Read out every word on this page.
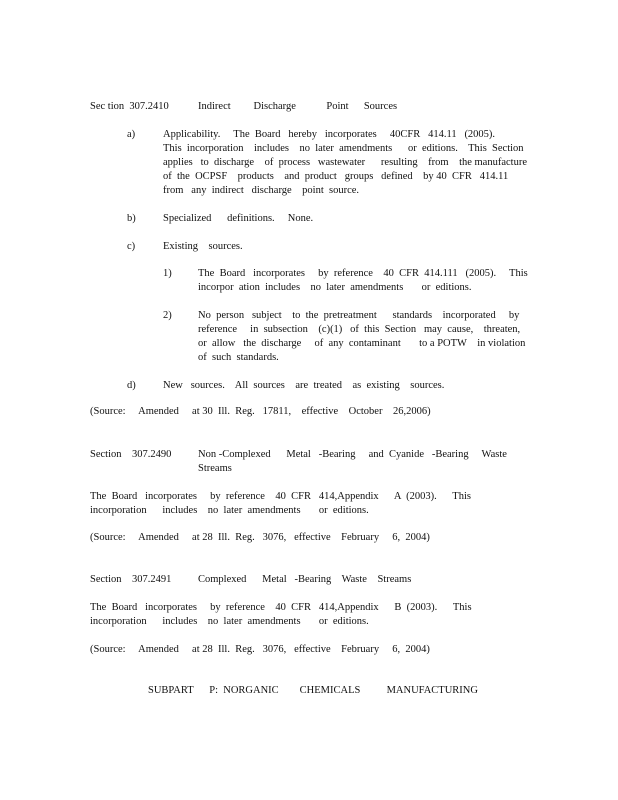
Sec tion  307.2410	Indirect   Discharge    Point  Sources
a)	Applicability.     The  Board   hereby   incorporates     40CFR   414.11   (2005).
This  incorporation    includes    no  later  amendments      or  editions.    This  Section
applies   to  discharge    of  process   wastewater      resulting    from    the manufacture
of  the  OCPSF    products    and  product   groups   defined    by 40  CFR   414.11
from   any  indirect   discharge    point  source.
b)	Specialized      definitions.     None.
c)	Existing    sources.
1)	The  Board   incorporates     by  reference    40  CFR  414.111   (2005).     This
incorpor  ation  includes    no  later  amendments       or  editions.
2)	No  person   subject    to  the  pretreatment      standards    incorporated     by
reference     in  subsection    (c)(1)   of  this  Section   may  cause,    threaten,
or  allow   the  discharge     of  any  contaminant       to a POTW    in violation
of  such  standards.
d)	New   sources.    All  sources    are  treated    as  existing    sources.
(Source:     Amended     at 30  Ill.  Reg.   17811,    effective    October    26,2006)
Section    307.2490	Non -Complexed      Metal   -Bearing     and  Cyanide   -Bearing     Waste
Streams
The  Board   incorporates     by  reference    40  CFR   414,Appendix      A  (2003).      This
incorporation      includes    no  later  amendments       or  editions.
(Source:     Amended     at 28  Ill.  Reg.   3076,   effective    February     6,  2004)
Section    307.2491	Complexed      Metal   -Bearing    Waste    Streams
The  Board   incorporates     by  reference    40  CFR   414,Appendix      B  (2003).      This
incorporation      includes    no  later  amendments       or  editions.
(Source:     Amended     at 28  Ill.  Reg.   3076,   effective    February     6,  2004)
SUBPART      P:  NORGANIC        CHEMICALS          MANUFACTURING
